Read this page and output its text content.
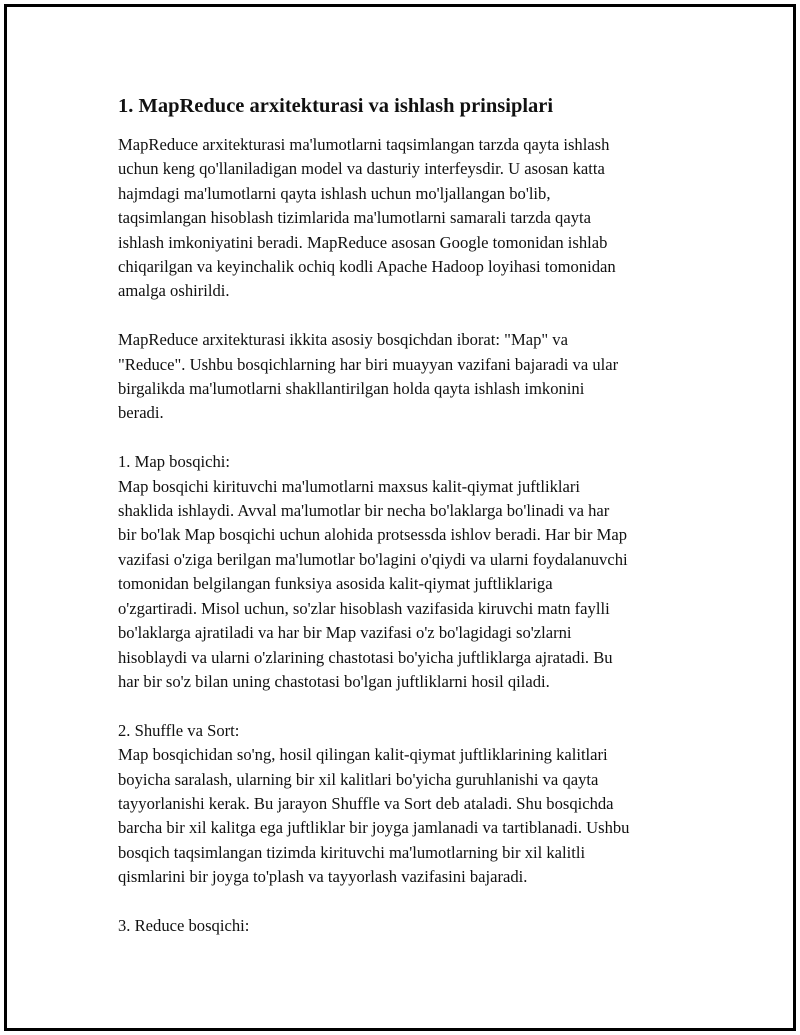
1. MapReduce arxitekturasi va ishlash prinsiplari
MapReduce arxitekturasi ma'lumotlarni taqsimlangan tarzda qayta ishlash
uchun keng qo'llaniladigan model va dasturiy interfeysdir. U asosan katta
hajmdagi ma'lumotlarni qayta ishlash uchun mo'ljallangan bo'lib,
taqsimlangan hisoblash tizimlarida ma'lumotlarni samarali tarzda qayta
ishlash imkoniyatini beradi. MapReduce asosan Google tomonidan ishlab
chiqarilgan va keyinchalik ochiq kodli Apache Hadoop loyihasi tomonidan
amalga oshirildi.
MapReduce arxitekturasi ikkita asosiy bosqichdan iborat: "Map" va
"Reduce". Ushbu bosqichlarning har biri muayyan vazifani bajaradi va ular
birgalikda ma'lumotlarni shakllantirilgan holda qayta ishlash imkonini
beradi.
1. Map bosqichi:
Map bosqichi kirituvchi ma'lumotlarni maxsus kalit-qiymat juftliklari
shaklida ishlaydi. Avval ma'lumotlar bir necha bo'laklarga bo'linadi va har
bir bo'lak Map bosqichi uchun alohida protsessda ishlov beradi. Har bir Map
vazifasi o'ziga berilgan ma'lumotlar bo'lagini o'qiydi va ularni foydalanuvchi
tomonidan belgilangan funksiya asosida kalit-qiymat juftliklariga
o'zgartiradi. Misol uchun, so'zlar hisoblash vazifasida kiruvchi matn faylli
bo'laklarga ajratiladi va har bir Map vazifasi o'z bo'lagidagi so'zlarni
hisoblaydi va ularni o'zlarining chastotasi bo'yicha juftliklarga ajratadi. Bu
har bir so'z bilan uning chastotasi bo'lgan juftliklarni hosil qiladi.
2. Shuffle va Sort:
Map bosqichidan so'ng, hosil qilingan kalit-qiymat juftliklarining kalitlari
boyicha saralash, ularning bir xil kalitlari bo'yicha guruhlanishi va qayta
tayyorlanishi kerak. Bu jarayon Shuffle va Sort deb ataladi. Shu bosqichda
barcha bir xil kalitga ega juftliklar bir joyga jamlanadi va tartiblanadi. Ushbu
bosqich taqsimlangan tizimda kirituvchi ma'lumotlarning bir xil kalitli
qismlarini bir joyga to'plash va tayyorlash vazifasini bajaradi.
3. Reduce bosqichi:
